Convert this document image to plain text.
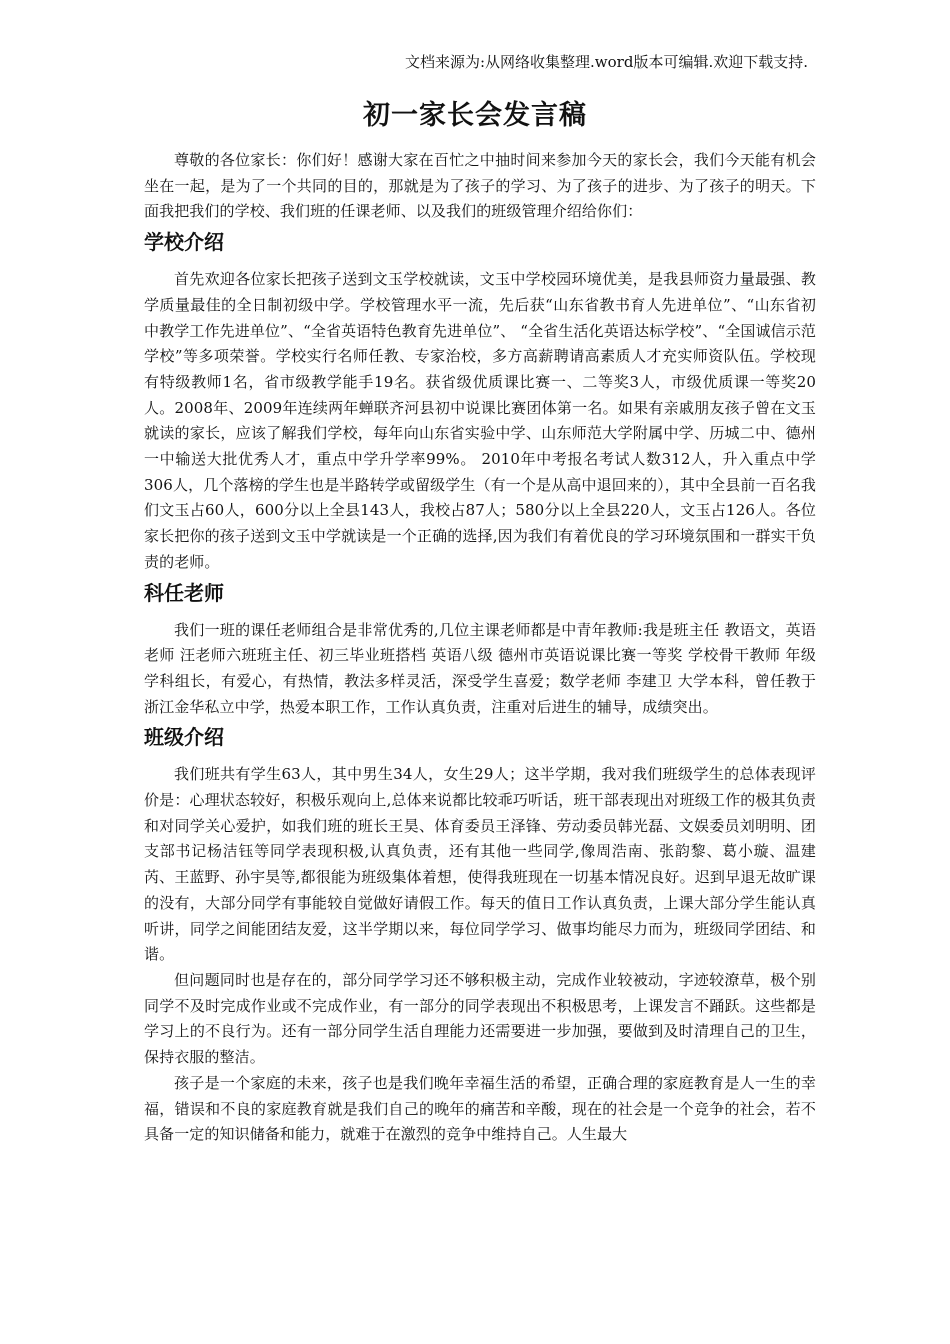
文档来源为:从网络收集整理.word版本可编辑.欢迎下载支持.
初一家长会发言稿

尊敬的各位家长：你们好！感谢大家在百忙之中抽时间来参加今天的家长会，我们今天能有机会坐在一起，是为了一个共同的目的，那就是为了孩子的学习、为了孩子的进步、为了孩子的明天。下面我把我们的学校、我们班的任课老师、以及我们的班级管理介绍给你们：

学校介绍

首先欢迎各位家长把孩子送到文玉学校就读，文玉中学校园环境优美，是我县师资力量最强、教学质量最佳的全日制初级中学。学校管理水平一流，先后获“山东省教书育人先进单位”、“山东省初中教学工作先进单位”、“全省英语特色教育先进单位”、 “全省生活化英语达标学校”、“全国诚信示范学校”等多项荣誉。学校实行名师任教、专家治校，多方高薪聘请高素质人才充实师资队伍。学校现有特级教师1名，省市级教学能手19名。获省级优质课比赛一、二等奖3人，市级优质课一等奖20人。2008年、2009年连续两年蝉联齐河县初中说课比赛团体第一名。如果有亲戚朋友孩子曾在文玉就读的家长，应该了解我们学校，每年向山东省实验中学、山东师范大学附属中学、历城二中、德州一中输送大批优秀人才，重点中学升学率99%。 2010年中考报名考试人数312人，升入重点中学306人，几个落榜的学生也是半路转学或留级学生（有一个是从高中退回来的），其中全县前一百名我们文玉占60人，600分以上全县143人，我校占87人；580分以上全县220人，文玉占126人。各位家长把你的孩子送到文玉中学就读是一个正确的选择,因为我们有着优良的学习环境氛围和一群实干负责的老师。

科任老师

我们一班的课任老师组合是非常优秀的,几位主课老师都是中青年教师:我是班主任 教语文，英语老师 汪老师六班班主任、初三毕业班搭档 英语八级 德州市英语说课比赛一等奖 学校骨干教师 年级学科组长，有爱心，有热情，教法多样灵活，深受学生喜爱；数学老师 李建卫 大学本科，曾任教于浙江金华私立中学，热爱本职工作，工作认真负责，注重对后进生的辅导，成绩突出。

班级介绍

我们班共有学生63人，其中男生34人，女生29人；这半学期，我对我们班级学生的总体表现评价是：心理状态较好，积极乐观向上,总体来说都比较乖巧听话，班干部表现出对班级工作的极其负责和对同学关心爱护，如我们班的班长王昊、体育委员王泽锋、劳动委员韩光磊、文娱委员刘明明、团支部书记杨洁钰等同学表现积极,认真负责，还有其他一些同学,像周浩南、张韵黎、葛小璇、温建芮、王蓝野、孙宇昊等,都很能为班级集体着想，使得我班现在一切基本情况良好。迟到早退无故旷课的没有，大部分同学有事能较自觉做好请假工作。每天的值日工作认真负责，上课大部分学生能认真听讲，同学之间能团结友爱，这半学期以来，每位同学学习、做事均能尽力而为，班级同学团结、和谐。

但问题同时也是存在的，部分同学学习还不够积极主动，完成作业较被动，字迹较潦草，极个别同学不及时完成作业或不完成作业，有一部分的同学表现出不积极思考，上课发言不踊跃。这些都是学习上的不良行为。还有一部分同学生活自理能力还需要进一步加强，要做到及时清理自己的卫生，保持衣服的整洁。

孩子是一个家庭的未来，孩子也是我们晚年幸福生活的希望，正确合理的家庭教育是人一生的幸福，错误和不良的家庭教育就是我们自己的晚年的痛苦和辛酸，现在的社会是一个竞争的社会，若不具备一定的知识储备和能力，就难于在激烈的竞争中维持自己。人生最大
